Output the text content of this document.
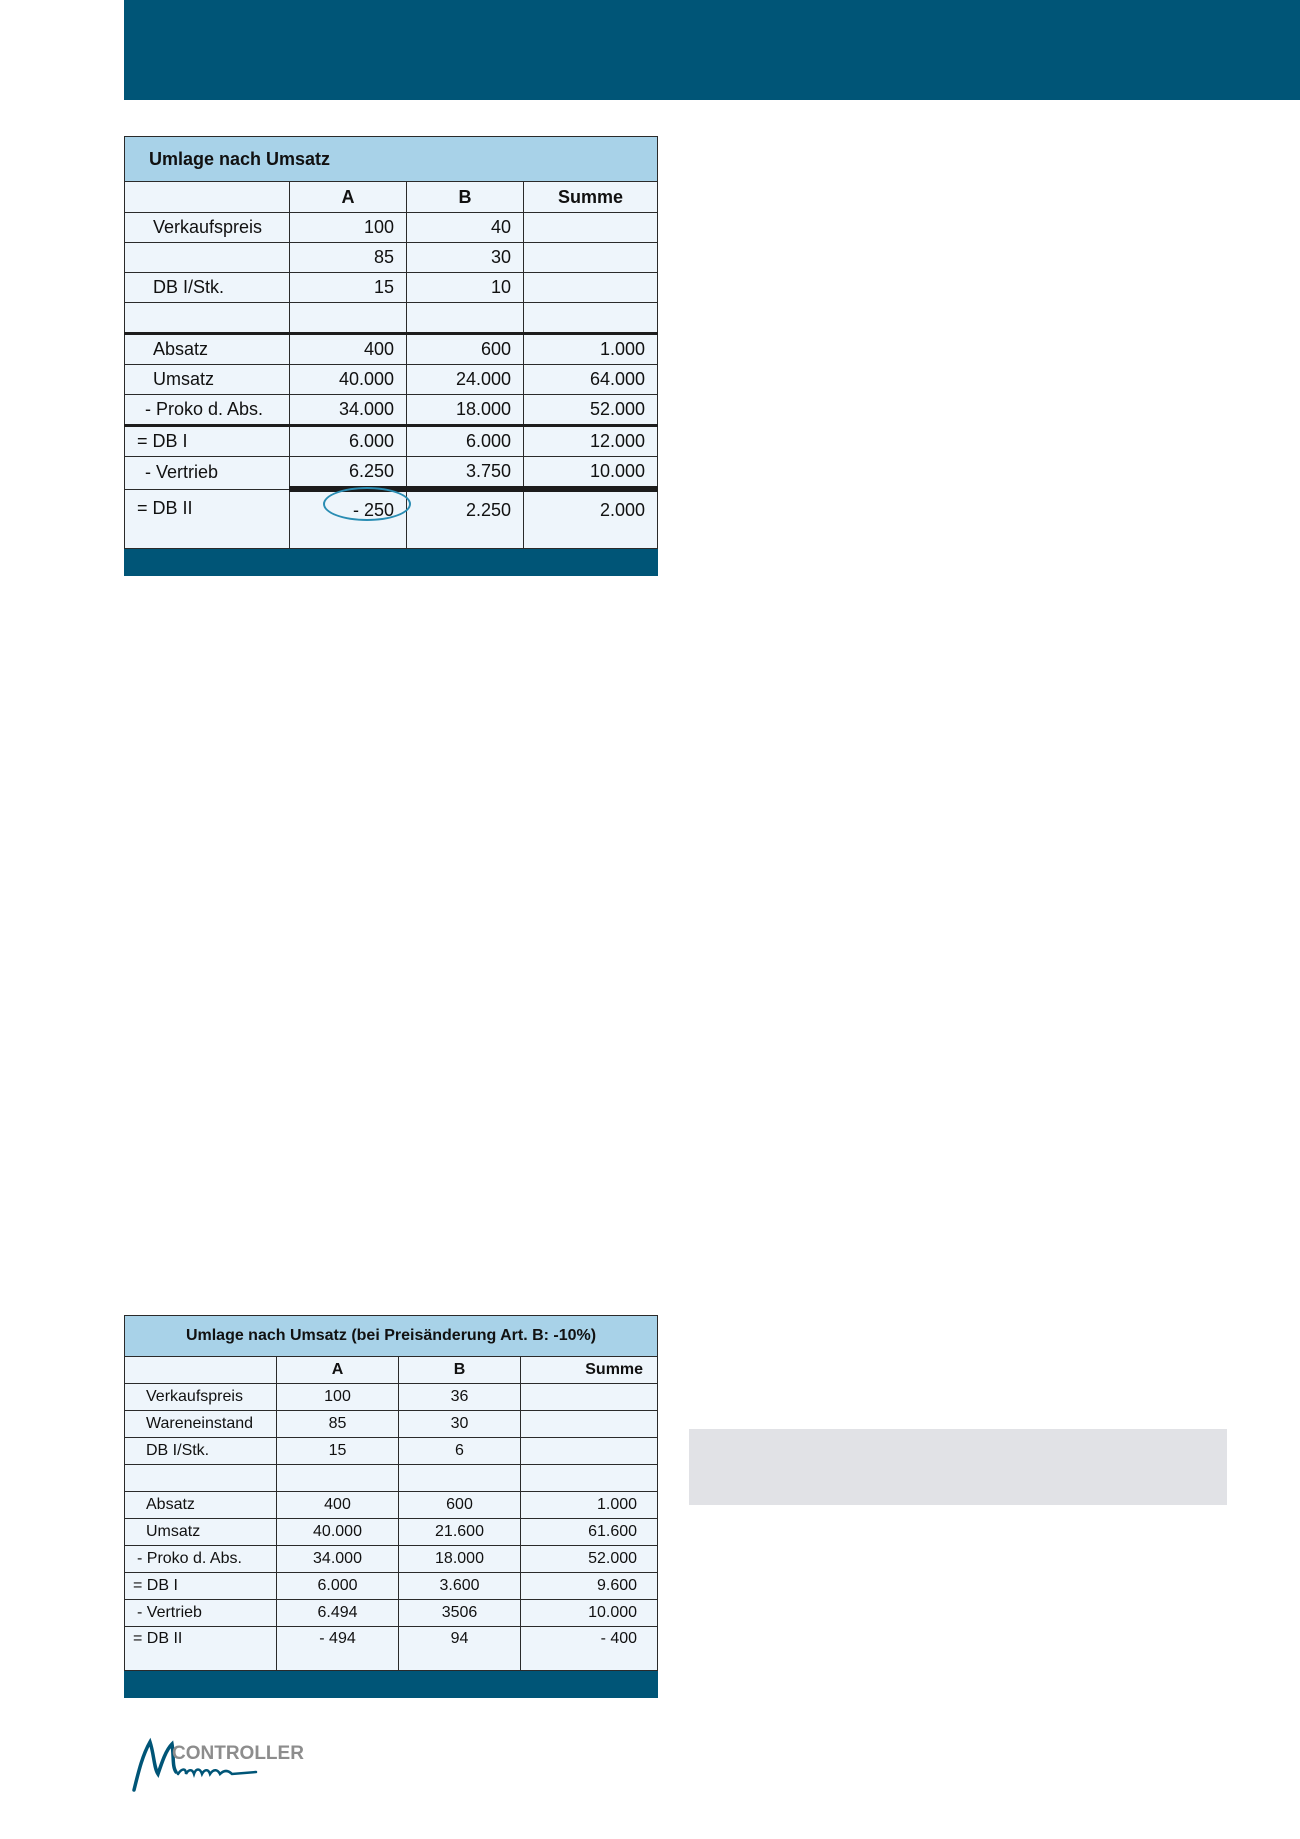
Umlage nach Umsatz			
	A	B	Summe
Verkaufspreis	100	40	
	85	30	
DB I/Stk.	15	10	

Absatz	400	600	1.000
Umsatz	40.000	24.000	64.000
- Proko d. Abs.	34.000	18.000	52.000
= DB I	6.000	6.000	12.000
- Vertrieb	6.250	3.750	10.000
= DB II	- 250	2.250	2.000

Umlage nach Umsatz (bei Preisänderung Art. B: -10%)			
	A	B	Summe
Verkaufspreis	100	36	
Wareneinstand	85	30	
DB I/Stk.	15	6	

Absatz	400	600	1.000
Umsatz	40.000	21.600	61.600
- Proko d. Abs.	34.000	18.000	52.000
= DB I	6.000	3.600	9.600
- Vertrieb	6.494	3506	10.000
= DB II	- 494	94	- 400

CONTROLLER
